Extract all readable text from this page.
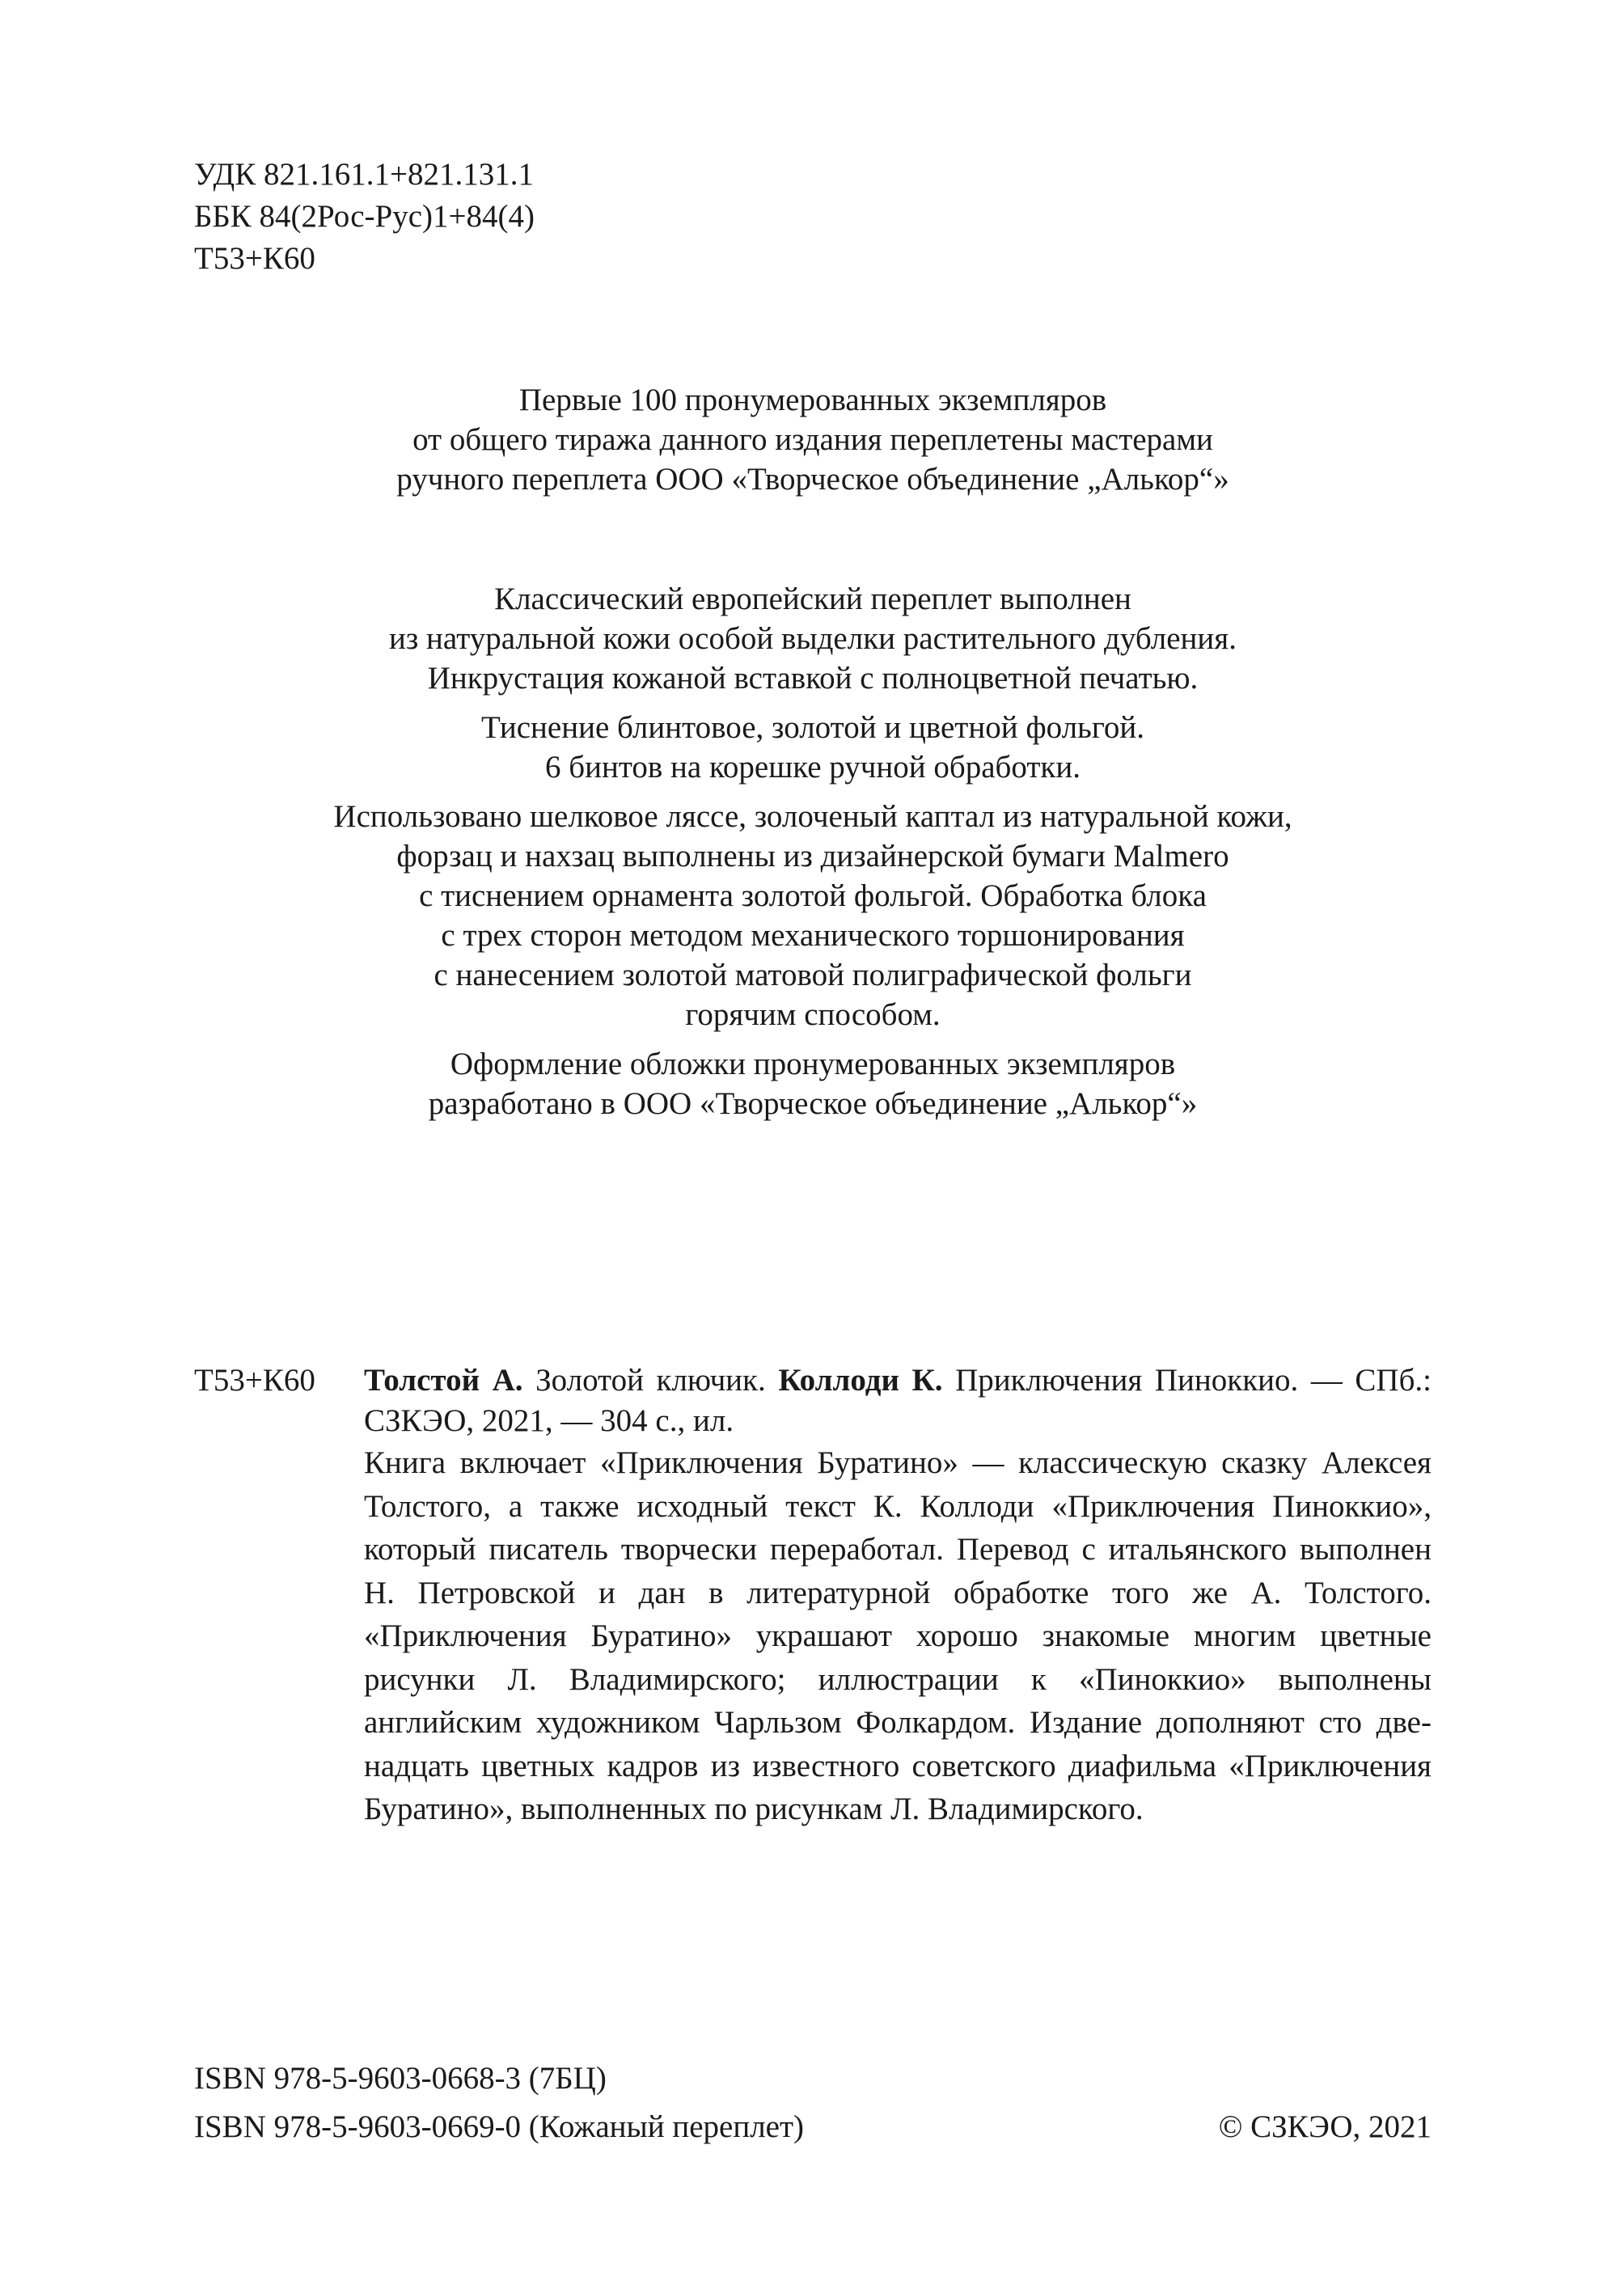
УДК 821.161.1+821.131.1
ББК 84(2Рос-Рус)1+84(4)
Т53+К60

Первые 100 пронумерованных экземпляров
от общего тиража данного издания переплетены мастерами
ручного переплета ООО «Творческое объединение „Алькор“»

Классический европейский переплет выполнен
из натуральной кожи особой выделки растительного дубления.
Инкрустация кожаной вставкой с полноцветной печатью.

Тиснение блинтовое, золотой и цветной фольгой.
6 бинтов на корешке ручной обработки.

Использовано шелковое ляссе, золоченый каптал из натуральной кожи,
форзац и нахзац выполнены из дизайнерской бумаги Malmero
с тиснением орнамента золотой фольгой. Обработка блока
с трех сторон методом механического торшонирования
с нанесением золотой матовой полиграфической фольги
горячим способом.

Оформление обложки пронумерованных экземпляров
разработано в ООО «Творческое объединение „Алькор“»

Т53+К60	Толстой А. Золотой ключик. Коллоди К. Приключения Пиноккио. — СПб.: СЗКЭО, 2021, — 304 с., ил.

Книга включает «Приключения Буратино» — классическую сказку Алексея Толстого, а также исходный текст К. Коллоди «Приключения Пиноккио», который писатель творчески переработал. Перевод с итальянского выполнен Н. Петровской и дан в литературной обработке того же А. Толстого. «Приключения Буратино» украшают хорошо знакомые многим цветные рисунки Л. Владимирского; иллюстрации к «Пиноккио» выполнены английским художником Чарльзом Фолкардом. Издание дополняют сто двенадцать цветных кадров из известного советского диафильма «Приключения Буратино», выполненных по рисункам Л. Владимирского.

ISBN 978-5-9603-0668-3 (7БЦ)
ISBN 978-5-9603-0669-0 (Кожаный переплет)	© СЗКЭО, 2021
